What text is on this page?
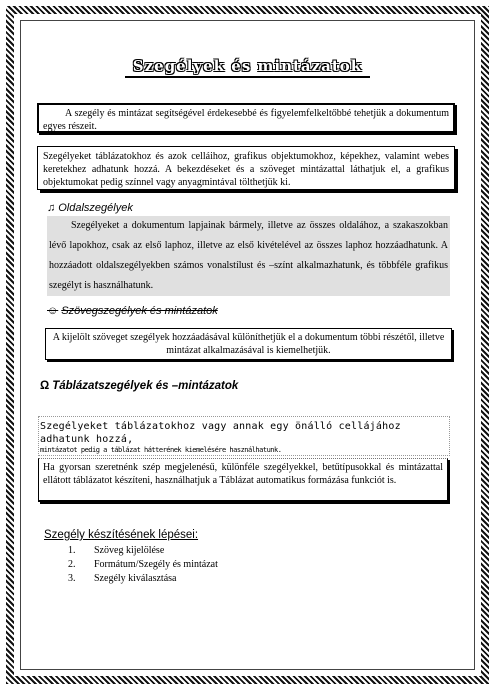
Szegélyek és mintázatok
A szegély és mintázat segítségével érdekesebbé és figyelemfelkeltőbbé tehetjük a dokumentum egyes részeit.
Szegélyeket táblázatokhoz és azok celláihoz, grafikus objektumokhoz, képekhez, valamint webes keretekhez adhatunk hozzá. A bekezdéseket és a szöveget mintázattal láthatjuk el, a grafikus objektumokat pedig színnel vagy anyagmintával tölthetjük ki.
♫ Oldalszegélyek
Szegélyeket a dokumentum lapjainak bármely, illetve az összes oldalához, a szakaszokban lévő lapokhoz, csak az első laphoz, illetve az első kivételével az összes laphoz hozzáadhatunk. A hozzáadott oldalszegélyekben számos vonalstílust és –színt alkalmazhatunk, és többféle grafikus szegélyt is használhatunk.
☺ Szövegszegélyek és mintázatok
A kijelölt szöveget szegélyek hozzáadásával különíthetjük el a dokumentum többi részétől, illetve mintázat alkalmazásával is kiemelhetjük.
Ω Táblázatszegélyek és –mintázatok
Szegélyeket táblázatokhoz vagy annak egy önálló cellájához adhatunk hozzá,
mintázatot pedig a táblázat hátterének kiemelésére használhatunk.
Ha gyorsan szeretnénk szép megjelenésű, különféle szegélyekkel, betűtípusokkal és mintázattal ellátott táblázatot készíteni, használhatjuk a Táblázat automatikus formázása funkciót is.
Szegély készítésének lépései:
1. Szöveg kijelölése
2. Formátum/Szegély és mintázat
3. Szegély kiválasztása
